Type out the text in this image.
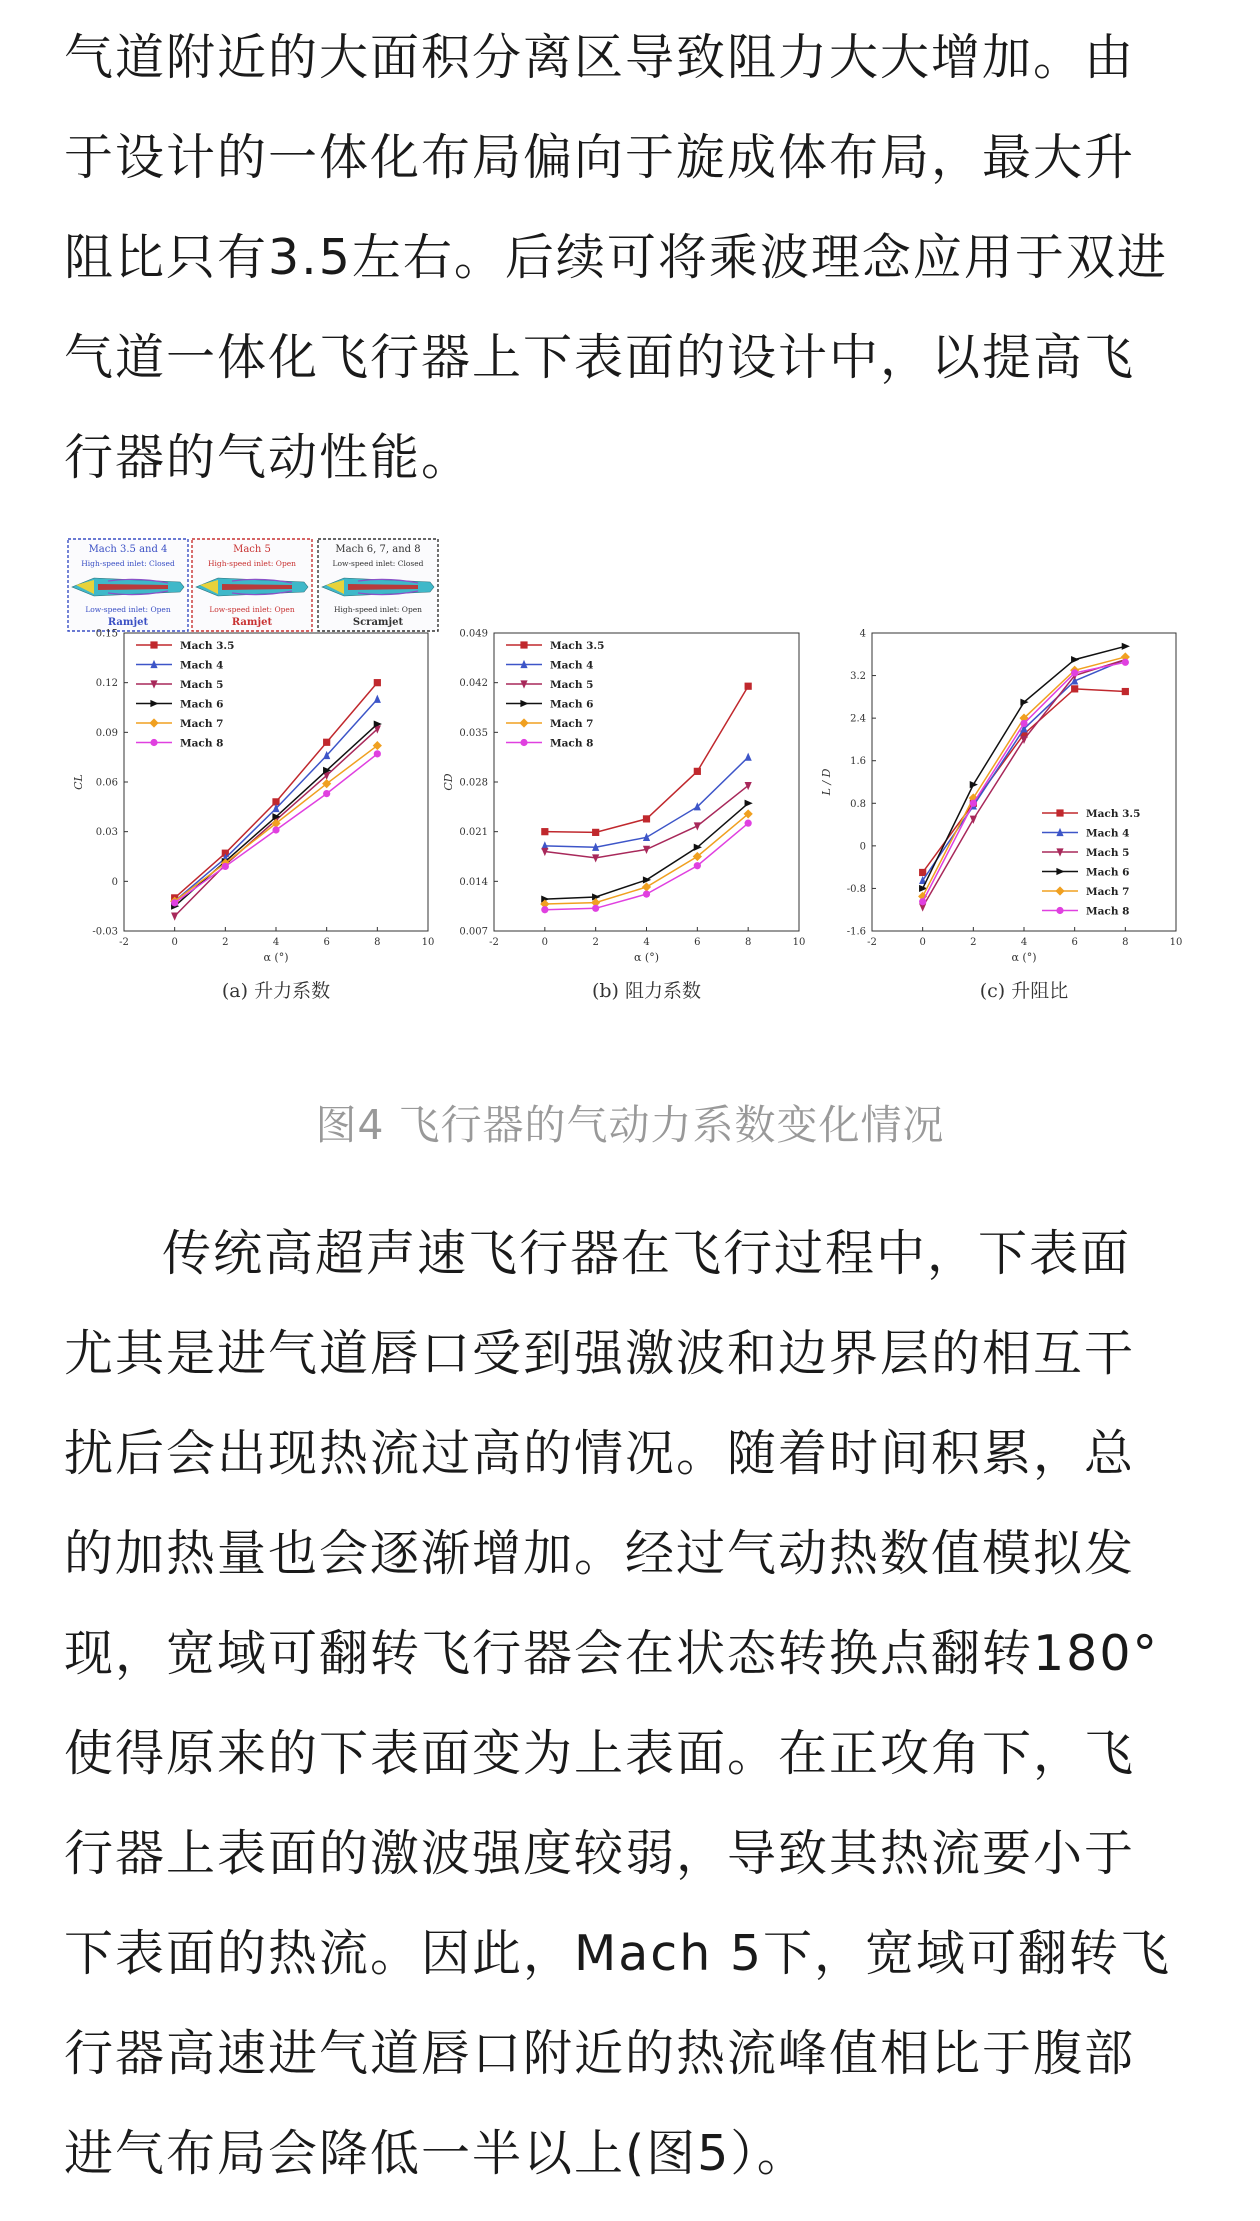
气道附近的大面积分离区导致阻力大大增加。由

于设计的一体化布局偏向于旋成体布局，最大升

阻比只有3.5左右。后续可将乘波理念应用于双进

气道一体化飞行器上下表面的设计中，以提高飞

行器的气动性能。

Mach 3.5 and 4
High-speed inlet: Closed
Low-speed inlet: Open
Ramjet
Mach 5
High-speed inlet: Open
Low-speed inlet: Open
Ramjet
Mach 6, 7, and 8
Low-speed inlet: Closed
High-speed inlet: Open
Scramjet
-2	0	2	4	6	8	10
-0.03
0
0.03
0.06
0.09
0.12
0.15
α (°)
CL
Mach 3.5
Mach 4
Mach 5
Mach 6
Mach 7
Mach 8
(a) 升力系数
-2	0	2	4	6	8	10
0.007
0.014
0.021
0.028
0.035
0.042
0.049
α (°)
CD
Mach 3.5
Mach 4
Mach 5
Mach 6
Mach 7
Mach 8
(b) 阻力系数
-2	0	2	4	6	8	10
-1.6
-0.8
0
0.8
1.6
2.4
3.2
4
α (°)
L / D
Mach 3.5
Mach 4
Mach 5
Mach 6
Mach 7
Mach 8
(c) 升阻比
图4 飞行器的气动力系数变化情况

传统高超声速飞行器在飞行过程中，下表面

尤其是进气道唇口受到强激波和边界层的相互干

扰后会出现热流过高的情况。随着时间积累，总

的加热量也会逐渐增加。经过气动热数值模拟发

现，宽域可翻转飞行器会在状态转换点翻转180°

使得原来的下表面变为上表面。在正攻角下，飞

行器上表面的激波强度较弱，导致其热流要小于

下表面的热流。因此，Mach 5下，宽域可翻转飞

行器高速进气道唇口附近的热流峰值相比于腹部

进气布局会降低一半以上(图5）。
